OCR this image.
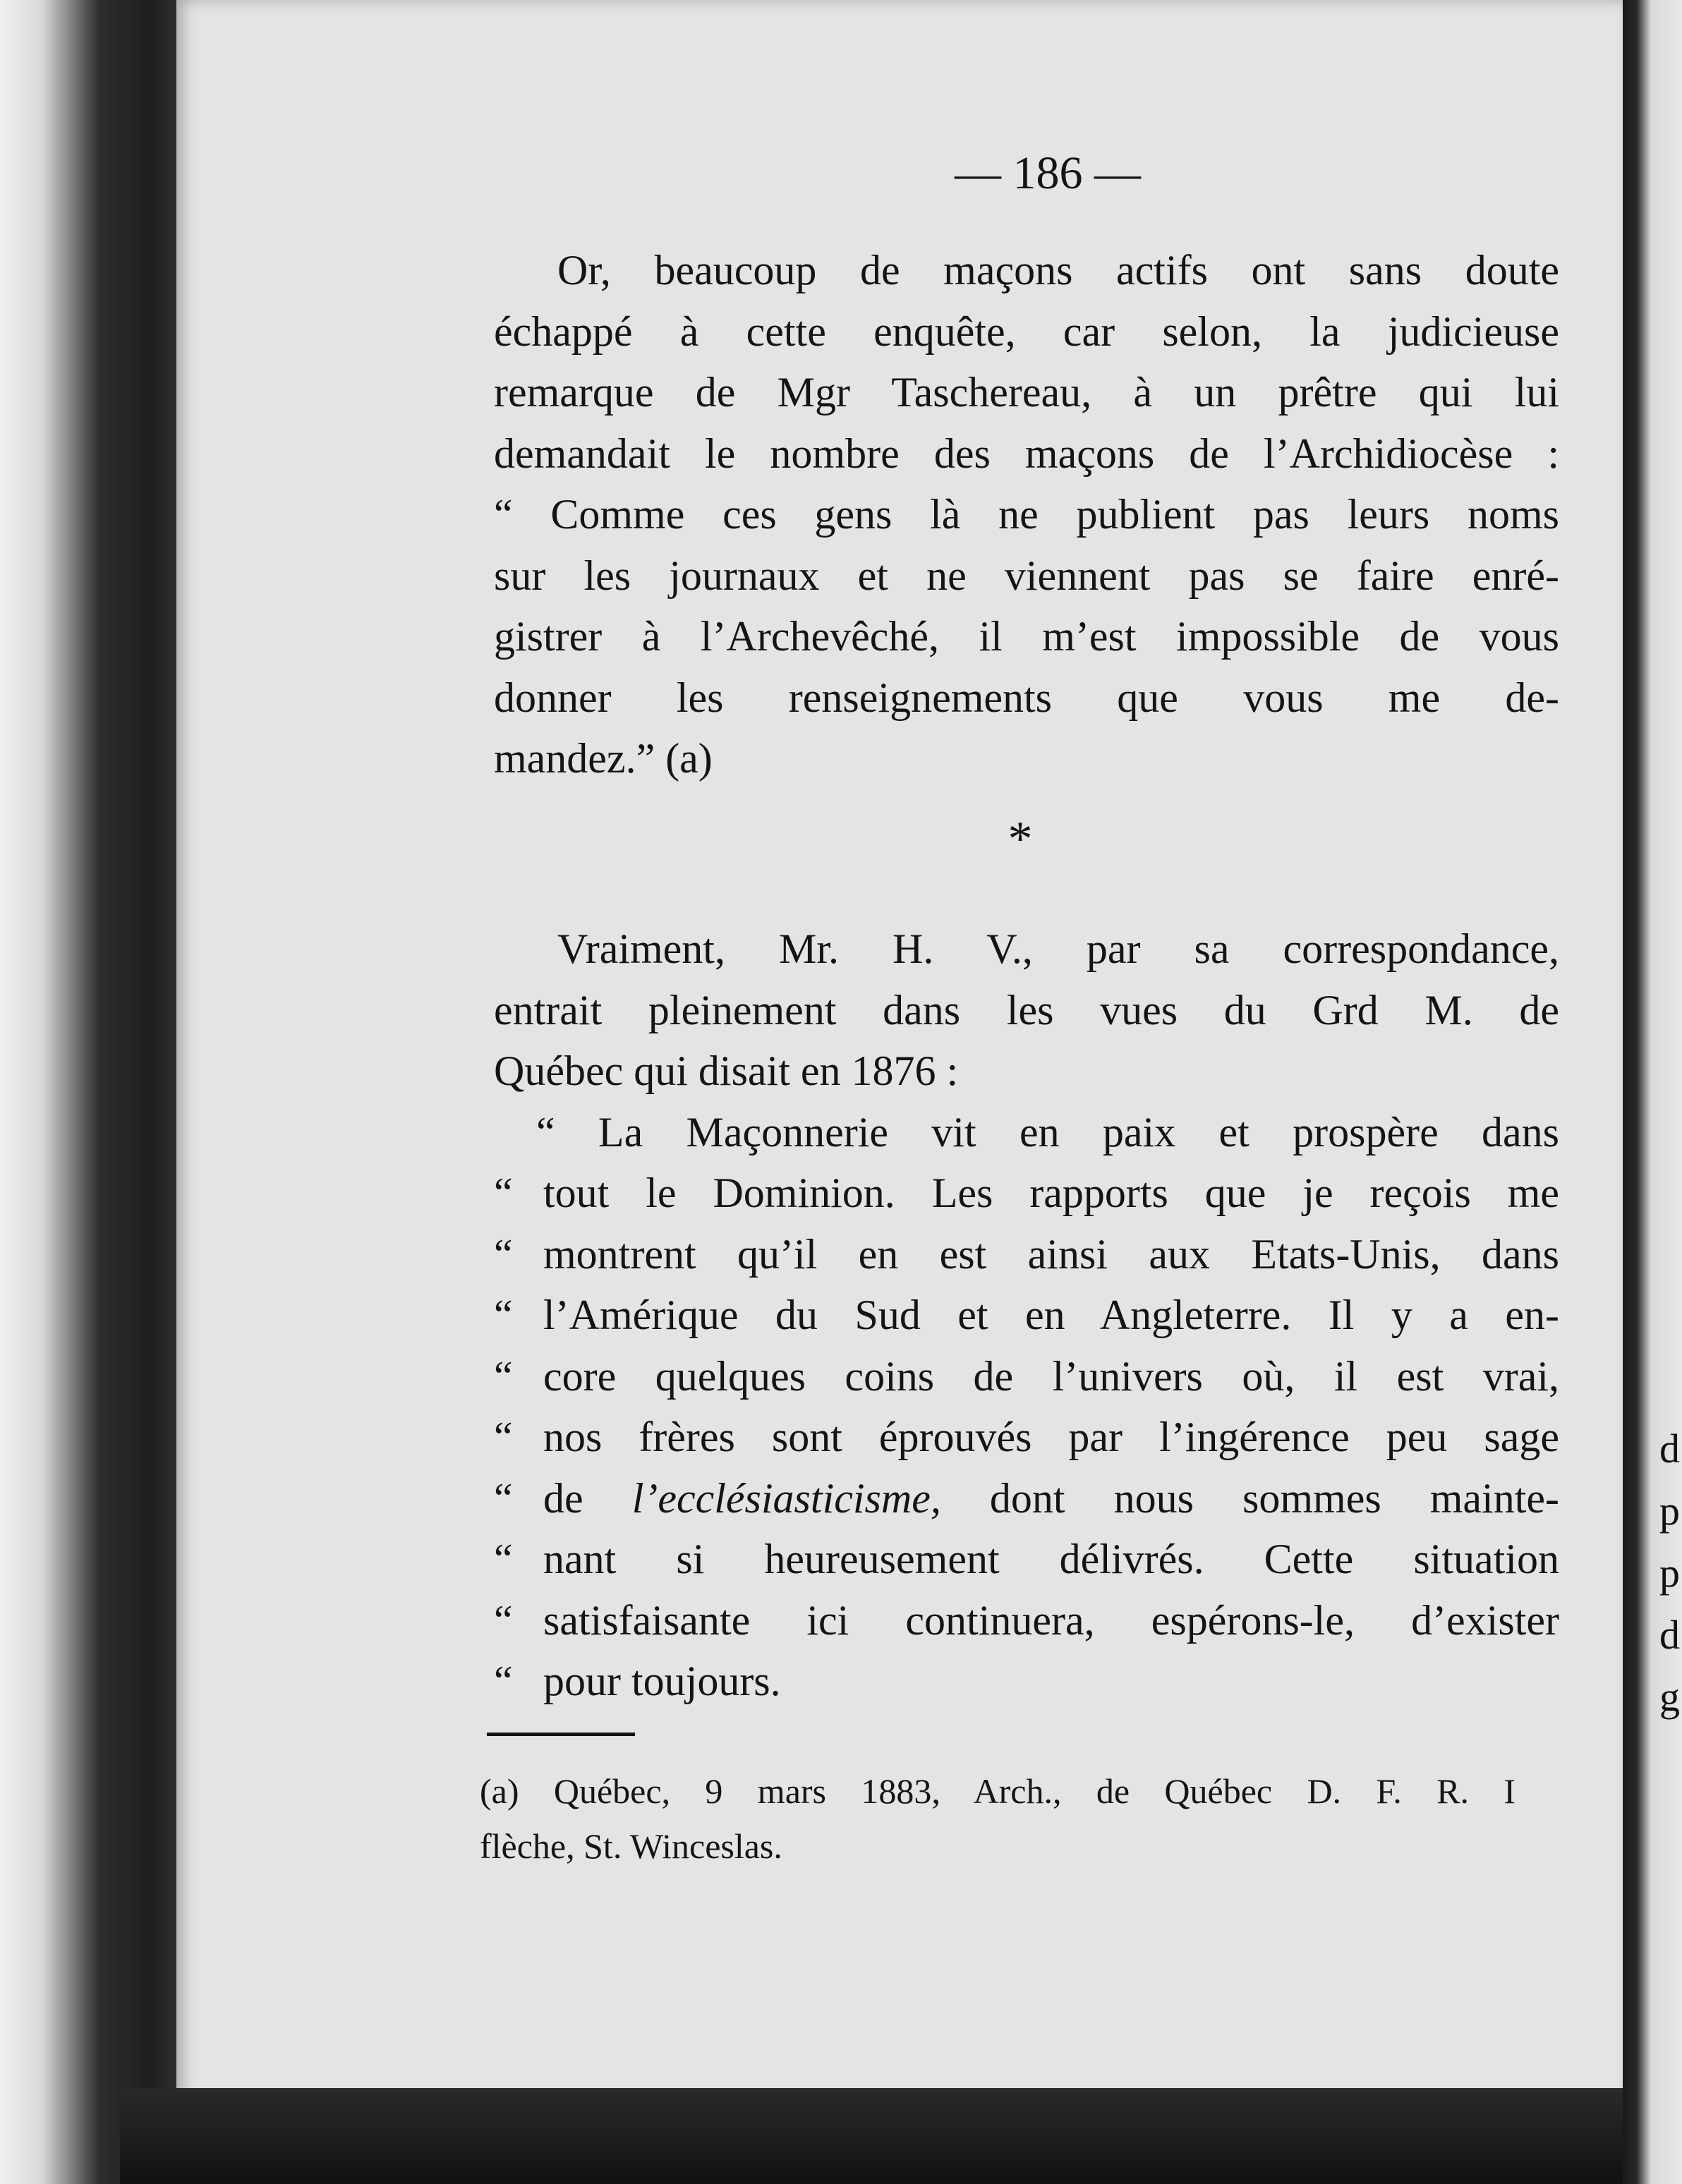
d
p
p
d
g
— 186 —
Or, beaucoup de maçons actifs ont sans doute
échappé à cette enquête, car selon, la judicieuse
remarque de Mgr Taschereau, à un prêtre qui lui
demandait le nombre des maçons de l’Archidiocèse :
“ Comme ces gens là ne publient pas leurs noms
sur les journaux et ne viennent pas se faire enré-
gistrer à l’Archevêché, il m’est impossible de vous
donner les renseignements que vous me de-
mandez.” (a)
*
Vraiment, Mr. H. V., par sa correspondance,
entrait pleinement dans les vues du Grd M. de
Québec qui disait en 1876 :
“ La Maçonnerie vit en paix et prospère dans
“ tout le Dominion. Les rapports que je reçois me
“ montrent qu’il en est ainsi aux Etats-Unis, dans
“ l’Amérique du Sud et en Angleterre. Il y a en-
“ core quelques coins de l’univers où, il est vrai,
“ nos frères sont éprouvés par l’ingérence peu sage
“ de l’ecclésiasticisme, dont nous sommes mainte-
“ nant si heureusement délivrés. Cette situation
“ satisfaisante ici continuera, espérons-le, d’exister
“ pour toujours.
(a) Québec, 9 mars 1883, Arch., de Québec D. F. R. I
flèche, St. Winceslas.
